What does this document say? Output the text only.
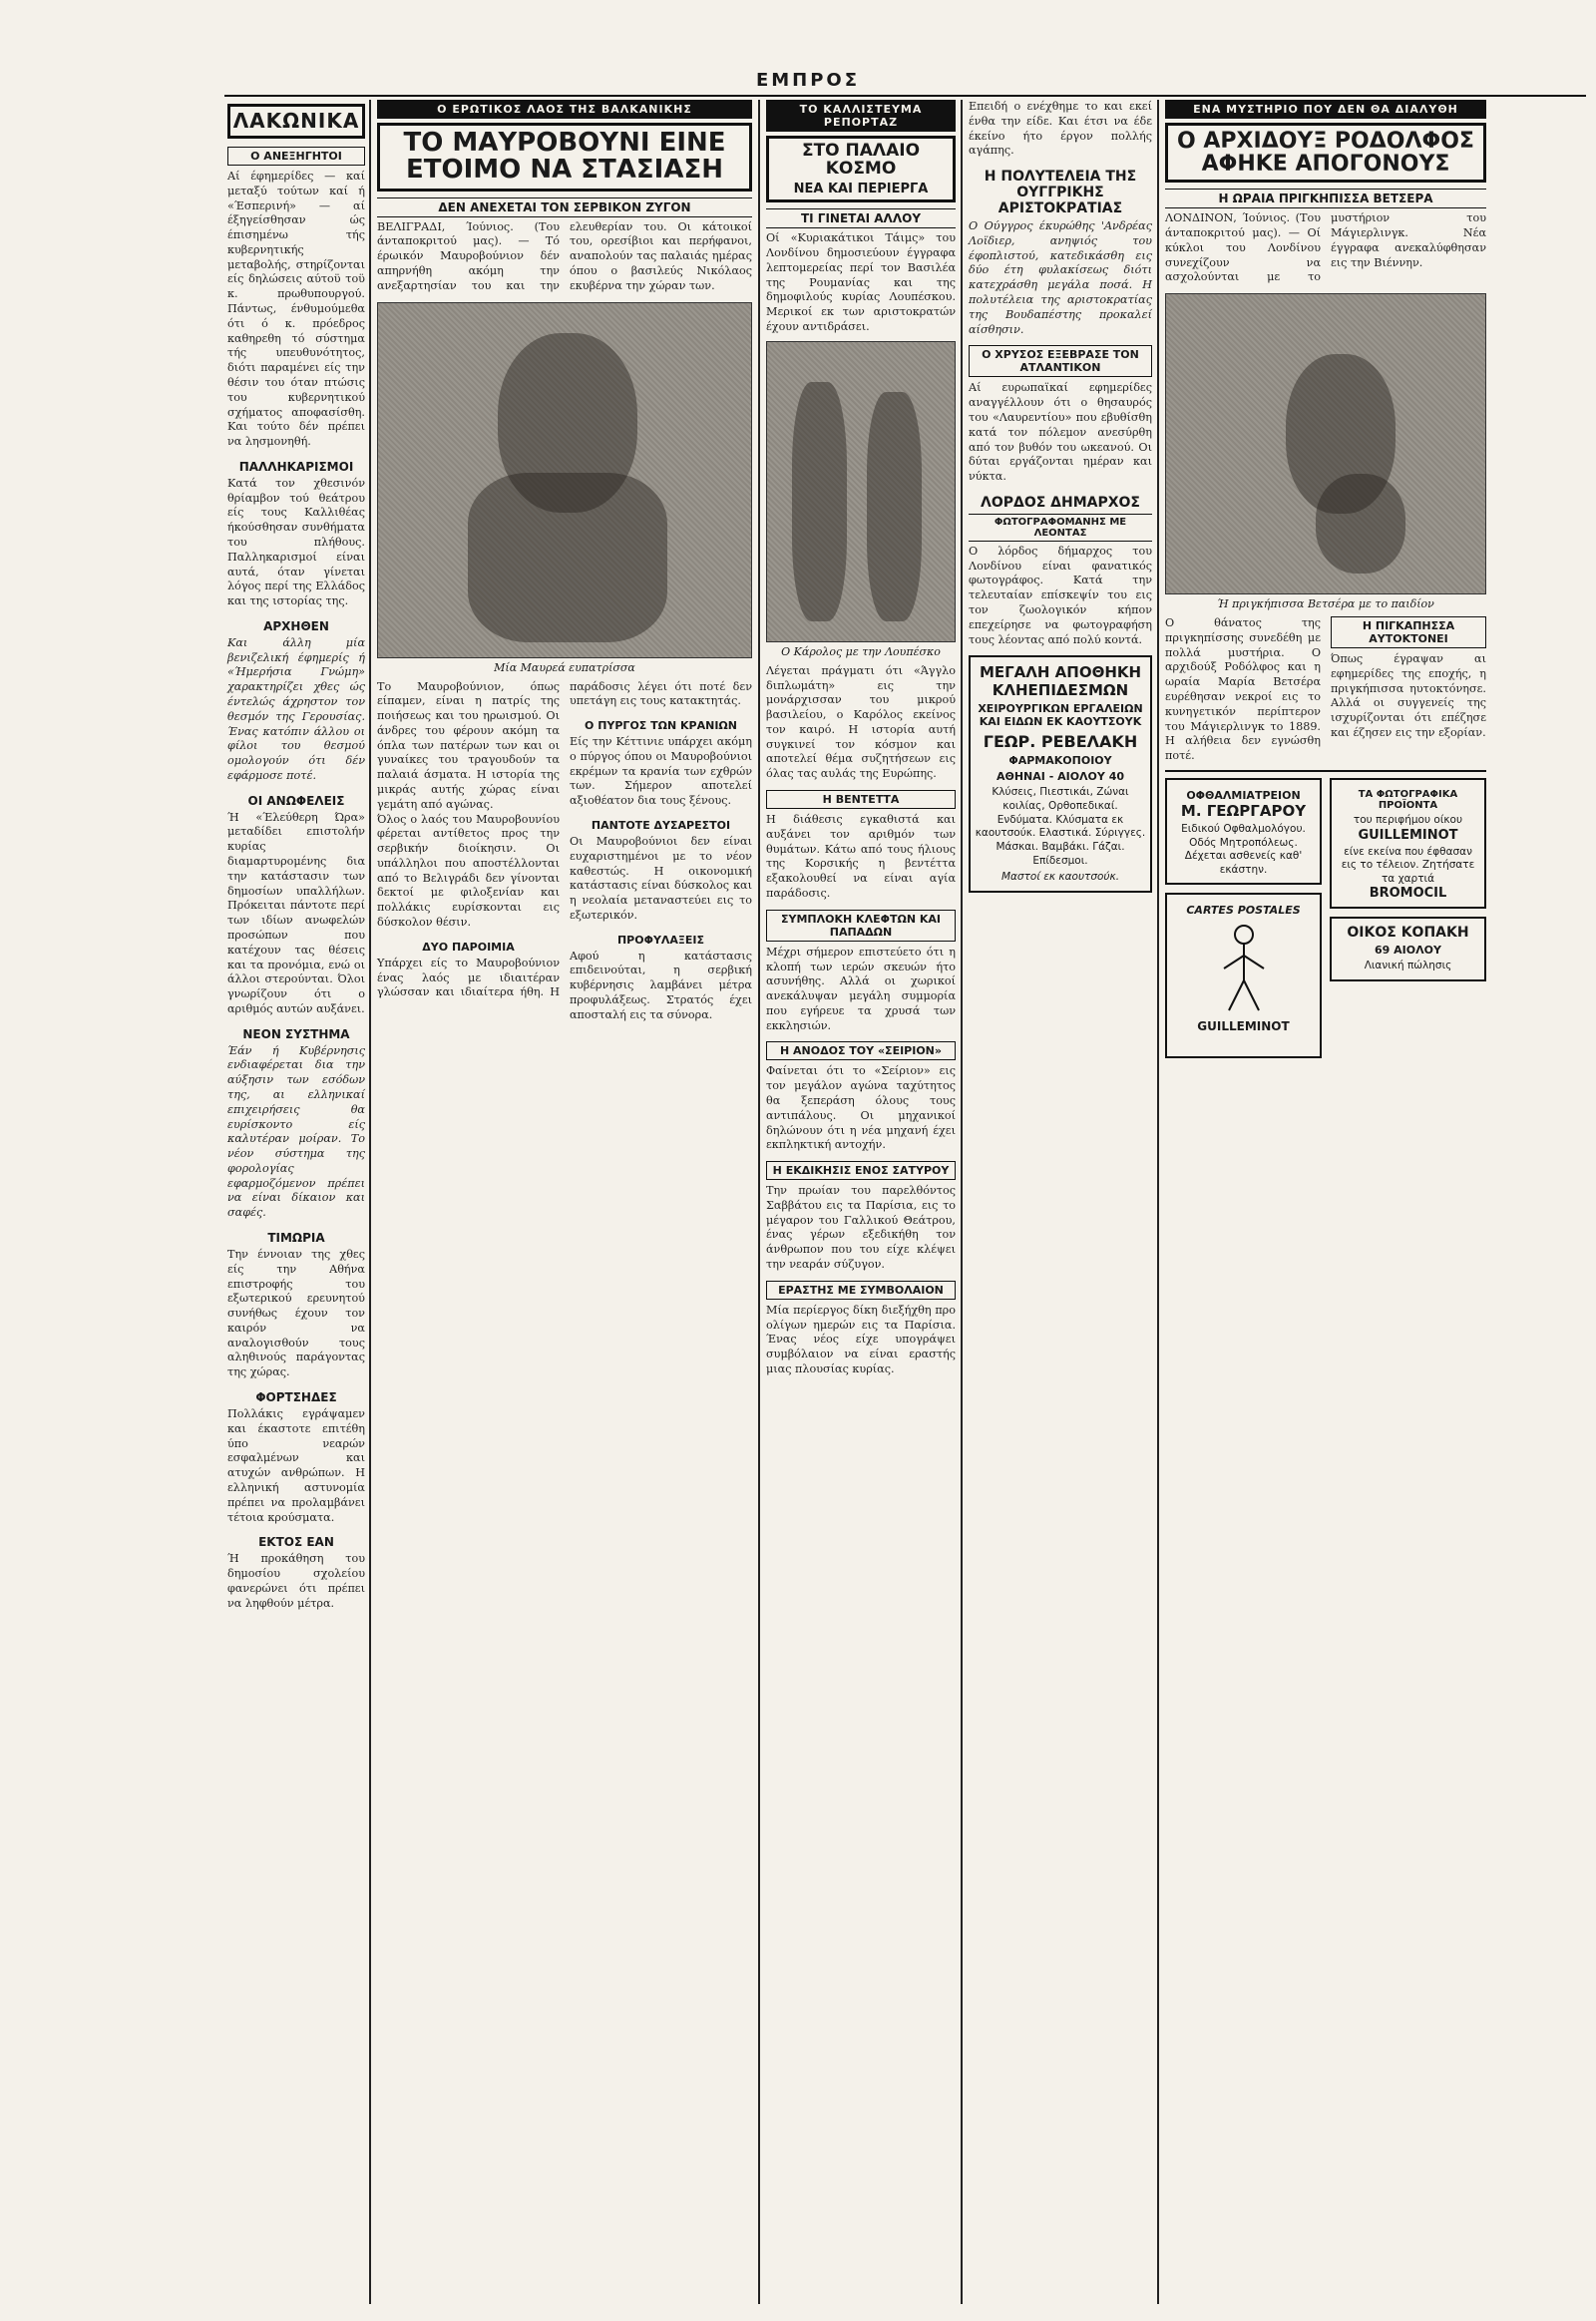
ΕΜΠΡΟΣ
ΛΑΚΩΝΙΚΑ
Ο ΑΝΕΞΗΓΗΤΟΙ
Αί έφημερίδες — καί μεταξύ τούτων καί ή «Έσπερινή» — αί έξηγείσθησαν ώς έπισημένω τής κυβερνητικής μεταβολής, στηρίζονται είς δηλώσεις αύτοϋ τοϋ κ. πρωθυπουργού. Πάντως, ένθυμούμεθα ότι ό κ. πρόεδρος καθηρεθη τό σύστημα τής υπευθυνότητος, διότι παραμένει είς την θέσιν του όταν πτώσις του κυβερνητικού σχήματος αποφασίσθη. Και τούτο δέν πρέπει να λησμονηθή.
ΠΑΛΛΗΚΑΡΙΣΜΟΙ
Κατά τον χθεσινόν θρίαμβον τού θεάτρου είς τους Καλλιθέας ήκούσθησαν συνθήματα του πλήθους. Παλληκαρισμοί είναι αυτά, όταν γίνεται λόγος περί της Ελλάδος και της ιστορίας της.
ΑΡΧΗΘΕΝ
Και άλλη μία βενιζελική έφημερίς ή «Ήμερήσια Γνώμη» χαρακτηρίζει χθες ώς έντελώς άχρηστον τον θεσμόν της Γερουσίας. Ένας κατόπιν άλλου οι φίλοι του θεσμού ομολογούν ότι δέν εφάρμοσε ποτέ.
ΟΙ ΑΝΩΦΕΛΕΙΣ
Ή «Έλεύθερη Ώρα» μεταδίδει επιστολήν κυρίας διαμαρτυρομένης δια την κατάστασιν των δημοσίων υπαλλήλων. Πρόκειται πάντοτε περί των ιδίων ανωφελών προσώπων που κατέχουν τας θέσεις και τα προνόμια, ενώ οι άλλοι στερούνται. Όλοι γνωρίζουν ότι ο αριθμός αυτών αυξάνει.
ΝΕΟΝ ΣΥΣΤΗΜΑ
Έάν ή Κυβέρνησις ενδιαφέρεται δια την αύξησιν των εσόδων της, αι ελληνικαί επιχειρήσεις θα ευρίσκοντο είς καλυτέραν μοίραν. Το νέον σύστημα της φορολογίας εφαρμοζόμενον πρέπει να είναι δίκαιον και σαφές.
ΤΙΜΩΡΙΑ
Την έννοιαν της χθες είς την Αθήνα επιστροφής του εξωτερικού ερευνητού συνήθως έχουν τον καιρόν να αναλογισθούν τους αληθινούς παράγοντας της χώρας.
ΦΟΡΤΣΗΔΕΣ
Πολλάκις εγράψαμεν και έκαστοτε επιτέθη ύπο νεαρών εσφαλμένων και ατυχών ανθρώπων. Η ελληνική αστυνομία πρέπει να προλαμβάνει τέτοια κρούσματα.
ΕΚΤΟΣ ΕΑΝ
Ή προκάθηση του δημοσίου σχολείου φανερώνει ότι πρέπει να ληφθούν μέτρα.
Ο ΕΡΩΤΙΚΟΣ ΛΑΟΣ ΤΗΣ ΒΑΛΚΑΝΙΚΗΣ
ΤΟ ΜΑΥΡΟΒΟΥΝΙ ΕΙΝΕ ΕΤΟΙΜΟ ΝΑ ΣΤΑΣΙΑΣΗ
ΔΕΝ ΑΝΕΧΕΤΑΙ ΤΟΝ ΣΕΡΒΙΚΟΝ ΖΥΓΟΝ
ΒΕΛΙΓΡΑΔΙ, Ίούνιος. (Του άνταποκριτού μας). — Τό έρωικόν Μαυροβούνιον δέν απηρνήθη ακόμη την ανεξαρτησίαν του και την ελευθερίαν του. Οι κάτοικοί του, ορεσίβιοι και περήφανοι, αναπολούν τας παλαιάς ημέρας όπου ο βασιλεύς Νικόλαος εκυβέρνα την χώραν των.
Μία Μαυρεά ευπατρίσσα
Το Μαυροβούνιον, όπως είπαμεν, είναι η πατρίς της ποιήσεως και του ηρωισμού. Οι άνδρες του φέρουν ακόμη τα όπλα των πατέρων των και οι γυναίκες του τραγουδούν τα παλαιά άσματα. Η ιστορία της μικράς αυτής χώρας είναι γεμάτη από αγώνας.
Όλος ο λαός του Μαυροβουνίου φέρεται αντίθετος προς την σερβικήν διοίκησιν. Οι υπάλληλοι που αποστέλλονται από το Βελιγράδι δεν γίνονται δεκτοί με φιλοξενίαν και πολλάκις ευρίσκονται εις δύσκολον θέσιν.
ΔΥΟ ΠΑΡΟΙΜΙΑ
Υπάρχει είς το Μαυροβούνιον ένας λαός με ιδιαιτέραν γλώσσαν και ιδιαίτερα ήθη. Η παράδοσις λέγει ότι ποτέ δεν υπετάγη εις τους κατακτητάς.
Ο ΠΥΡΓΟΣ ΤΩΝ ΚΡΑΝΙΩΝ
Είς την Κέττινιε υπάρχει ακόμη ο πύργος όπου οι Μαυροβούνιοι εκρέμων τα κρανία των εχθρών των. Σήμερον αποτελεί αξιοθέατον δια τους ξένους.
ΠΑΝΤΟΤΕ ΔΥΣΑΡΕΣΤΟΙ
Οι Μαυροβούνιοι δεν είναι ευχαριστημένοι με το νέον καθεστώς. Η οικονομική κατάστασις είναι δύσκολος και η νεολαία μεταναστεύει εις το εξωτερικόν.
ΠΡΟΦΥΛΑΞΕΙΣ
Αφού η κατάστασις επιδεινούται, η σερβική κυβέρνησις λαμβάνει μέτρα προφυλάξεως. Στρατός έχει αποσταλή εις τα σύνορα.
ΤΟ ΚΑΛΛΙΣΤΕΥΜΑ ΡΕΠΟΡΤΑΖ
ΣΤΟ ΠΑΛΑΙΟ ΚΟΣΜΟ
ΝΕΑ ΚΑΙ ΠΕΡΙΕΡΓΑ
ΤΙ ΓΙΝΕΤΑΙ ΑΛΛΟΥ
Οί «Κυριακάτικοι Τάιμς» του Λονδίνου δημοσιεύουν έγγραφα λεπτομερείας περί τον Βασιλέα της Ρουμανίας και της δημοφιλούς κυρίας Λουπέσκου. Μερικοί εκ των αριστοκρατών έχουν αντιδράσει.
Ο Κάρολος με την Λουπέσκο
Λέγεται πράγματι ότι «Άγγλο διπλωμάτη» εις την μονάρχισσαν του μικρού βασιλείου, ο Καρόλος εκείνος τον καιρό. Η ιστορία αυτή συγκινεί τον κόσμον και αποτελεί θέμα συζητήσεων εις όλας τας αυλάς της Ευρώπης.
Η ΒΕΝΤΕΤΤΑ
Η διάθεσις εγκαθιστά και αυξάνει τον αριθμόν των θυμάτων. Κάτω από τους ήλιους της Κορσικής η βεντέττα εξακολουθεί να είναι αγία παράδοσις.
ΣΥΜΠΛΟΚΗ ΚΛΕΦΤΩΝ ΚΑΙ ΠΑΠΑΔΩΝ
Μέχρι σήμερον επιστεύετο ότι η κλοπή των ιερών σκευών ήτο ασυνήθης. Αλλά οι χωρικοί ανεκάλυψαν μεγάλη συμμορία που εγήρευε τα χρυσά των εκκλησιών.
Η ΑΝΟΔΟΣ ΤΟΥ «ΣΕΙΡΙΟΝ»
Φαίνεται ότι το «Σείριον» εις τον μεγάλον αγώνα ταχύτητος θα ξεπεράση όλους τους αντιπάλους. Οι μηχανικοί δηλώνουν ότι η νέα μηχανή έχει εκπληκτική αντοχήν.
Η ΕΚΔΙΚΗΣΙΣ ΕΝΟΣ ΣΑΤΥΡΟΥ
Την πρωίαν του παρελθόντος Σαββάτου εις τα Παρίσια, εις το μέγαρον του Γαλλικού Θεάτρου, ένας γέρων εξεδικήθη τον άνθρωπον που του είχε κλέψει την νεαράν σύζυγον.
ΕΡΑΣΤΗΣ ΜΕ ΣΥΜΒΟΛΑΙΟΝ
Μία περίεργος δίκη διεξήχθη προ ολίγων ημερών εις τα Παρίσια. Ένας νέος είχε υπογράψει συμβόλαιον να είναι εραστής μιας πλουσίας κυρίας.
Επειδή ο ενέχθημε το και εκεί ένθα την είδε. Και έτσι να έδε έκείνο ήτο έργον πολλής αγάπης.
Η ΠΟΛΥΤΕΛΕΙΑ ΤΗΣ ΟΥΓΓΡΙΚΗΣ ΑΡΙΣΤΟΚΡΑΤΙΑΣ
Ο Ούγγρος έκυρώθης 'Ανδρέας Λοϊδιερ, ανηψιός του έφοπλιστού, κατεδικάσθη εις δύο έτη φυλακίσεως διότι κατεχράσθη μεγάλα ποσά. Η πολυτέλεια της αριστοκρατίας της Βουδαπέστης προκαλεί αίσθησιν.
Ο ΧΡΥΣΟΣ ΕΞΕΒΡΑΣΕ ΤΟΝ ΑΤΛΑΝΤΙΚΟΝ
Αί ευρωπαϊκαί εφημερίδες αναγγέλλουν ότι ο θησαυρός του «Λαυρεντίου» που εβυθίσθη κατά τον πόλεμον ανεσύρθη από τον βυθόν του ωκεανού. Οι δύται εργάζονται ημέραν και νύκτα.
ΛΟΡΔΟΣ ΔΗΜΑΡΧΟΣ
ΦΩΤΟΓΡΑΦΟΜΑΝΗΣ ΜΕ ΛΕΟΝΤΑΣ
Ο λόρδος δήμαρχος του Λονδίνου είναι φανατικός φωτογράφος. Κατά την τελευταίαν επίσκεψίν του εις τον ζωολογικόν κήπον επεχείρησε να φωτογραφήση τους λέοντας από πολύ κοντά.
ΜΕΓΑΛΗ ΑΠΟΘΗΚΗ ΚΛΗΕΠΙΔΕΣΜΩΝ
ΧΕΙΡΟΥΡΓΙΚΩΝ ΕΡΓΑΛΕΙΩΝ ΚΑΙ ΕΙΔΩΝ ΕΚ ΚΑΟΥΤΣΟΥΚ
ΓΕΩΡ. ΡΕΒΕΛΑΚΗ
ΦΑΡΜΑΚΟΠΟΙΟΥ
ΑΘΗΝΑΙ - ΑΙΟΛΟΥ 40
Κλύσεις, Πιεστικάι, Ζώναι κοιλίας, Ορθοπεδικαί. Ενδύματα. Κλύσματα εκ καουτσούκ. Ελαστικά. Σύριγγες. Μάσκαι. Βαμβάκι. Γάζαι. Επίδεσμοι.
Μαστοί εκ καουτσούκ.
ΕΝΑ ΜΥΣΤΗΡΙΟ ΠΟΥ ΔΕΝ ΘΑ ΔΙΑΛΥΘΗ
Ο ΑΡΧΙΔΟΥΞ ΡΟΔΟΛΦΟΣ ΑΦΗΚΕ ΑΠΟΓΟΝΟΥΣ
Η ΩΡΑΙΑ ΠΡΙΓΚΗΠΙΣΣΑ ΒΕΤΣΕΡΑ
ΛΟΝΔΙΝΟΝ, Ίούνιος. (Του άνταποκριτού μας). — Οί κύκλοι του Λονδίνου συνεχίζουν να ασχολούνται με το μυστήριον του Μάγιερλινγκ. Νέα έγγραφα ανεκαλύφθησαν εις την Βιέννην.
Ή πριγκήπισσα Βετσέρα με το παιδίον
Ο θάνατος της πριγκηπίσσης συνεδέθη με πολλά μυστήρια. Ο αρχιδούξ Ροδόλφος και η ωραία Μαρία Βετσέρα ευρέθησαν νεκροί εις το κυνηγετικόν περίπτερον του Μάγιερλινγκ το 1889. Η αλήθεια δεν εγνώσθη ποτέ.
Η ΠΙΓΚΑΠΗΣΣΑ ΑΥΤΟΚΤΟΝΕΙ
Όπως έγραψαν αι εφημερίδες της εποχής, η πριγκήπισσα ηυτοκτόνησε. Αλλά οι συγγενείς της ισχυρίζονται ότι επέζησε και έζησεν εις την εξορίαν.
ΟΦΘΑΛΜΙΑΤΡΕΙΟΝ
Μ. ΓΕΩΡΓΑΡΟΥ
Ειδικού Οφθαλμολόγου. Οδός Μητροπόλεως. Δέχεται ασθενείς καθ' εκάστην.
CARTES POSTALES
GUILLEMINOT
ΤΑ ΦΩΤΟΓΡΑΦΙΚΑ ΠΡΟΪΟΝΤΑ
του περιφήμου οίκου
GUILLEMINOT
είνε εκείνα που έφθασαν εις το τέλειον. Ζητήσατε τα χαρτιά
BROMOCIL
ΟΙΚΟΣ ΚΟΠΑΚΗ
69 ΑΙΟΛΟΥ
Λιανική πώλησις
